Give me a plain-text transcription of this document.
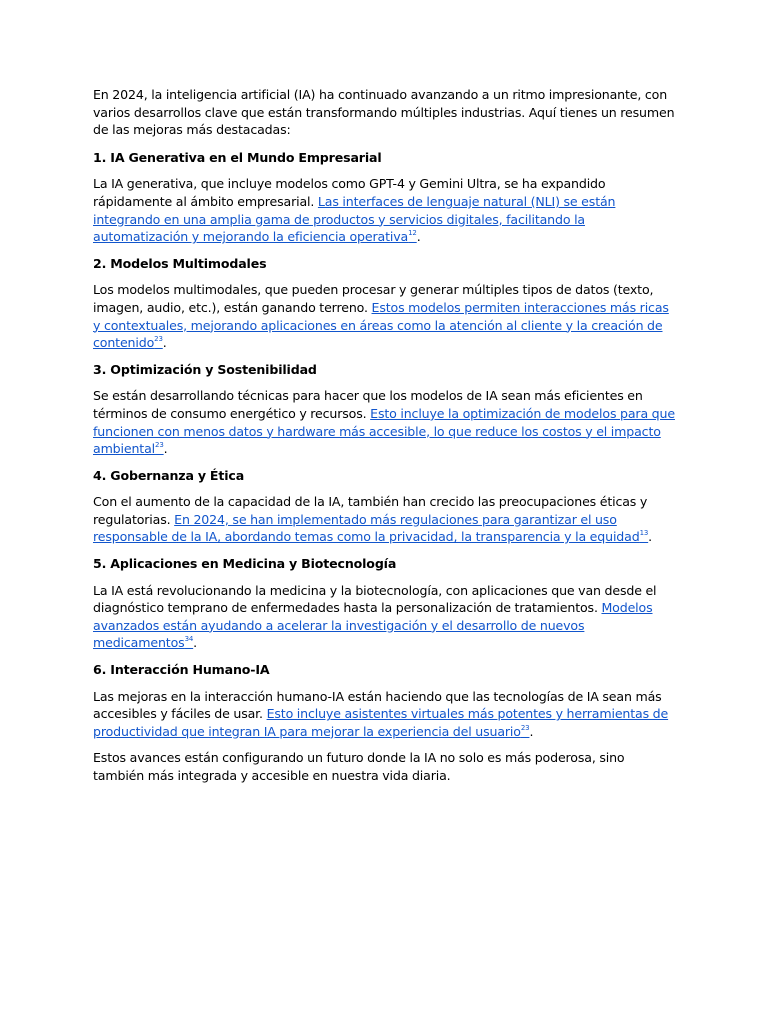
En 2024, la inteligencia artificial (IA) ha continuado avanzando a un ritmo impresionante, con varios desarrollos clave que están transformando múltiples industrias. Aquí tienes un resumen de las mejoras más destacadas:

1. IA Generativa en el Mundo Empresarial

La IA generativa, que incluye modelos como GPT-4 y Gemini Ultra, se ha expandido rápidamente al ámbito empresarial. Las interfaces de lenguaje natural (NLI) se están integrando en una amplia gama de productos y servicios digitales, facilitando la automatización y mejorando la eficiencia operativa$^{12}$.

2. Modelos Multimodales

Los modelos multimodales, que pueden procesar y generar múltiples tipos de datos (texto, imagen, audio, etc.), están ganando terreno. Estos modelos permiten interacciones más ricas y contextuales, mejorando aplicaciones en áreas como la atención al cliente y la creación de contenido$^{23}$.

3. Optimización y Sostenibilidad

Se están desarrollando técnicas para hacer que los modelos de IA sean más eficientes en términos de consumo energético y recursos. Esto incluye la optimización de modelos para que funcionen con menos datos y hardware más accesible, lo que reduce los costos y el impacto ambiental$^{23}$.

4. Gobernanza y Ética

Con el aumento de la capacidad de la IA, también han crecido las preocupaciones éticas y regulatorias. En 2024, se han implementado más regulaciones para garantizar el uso responsable de la IA, abordando temas como la privacidad, la transparencia y la equidad$^{13}$.

5. Aplicaciones en Medicina y Biotecnología

La IA está revolucionando la medicina y la biotecnología, con aplicaciones que van desde el diagnóstico temprano de enfermedades hasta la personalización de tratamientos. Modelos avanzados están ayudando a acelerar la investigación y el desarrollo de nuevos medicamentos$^{34}$.

6. Interacción Humano-IA

Las mejoras en la interacción humano-IA están haciendo que las tecnologías de IA sean más accesibles y fáciles de usar. Esto incluye asistentes virtuales más potentes y herramientas de productividad que integran IA para mejorar la experiencia del usuario$^{23}$.

Estos avances están configurando un futuro donde la IA no solo es más poderosa, sino también más integrada y accesible en nuestra vida diaria.
